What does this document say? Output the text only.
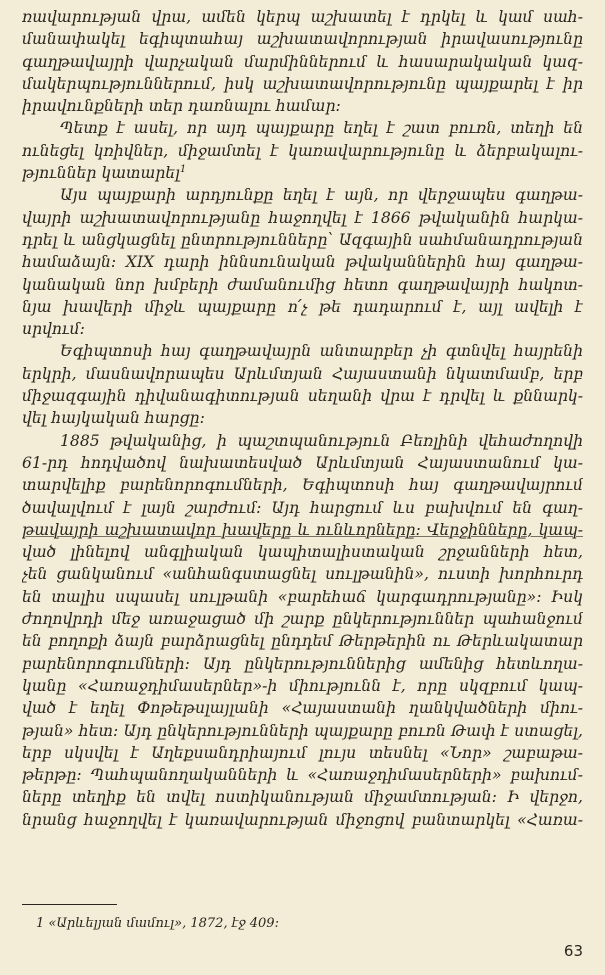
ռավարության վրա, ամեն կերպ աշխատել է դրկել և կամ սահ-
մանափակել եգիպտահայ աշխատավորության իրավասությունը
գաղթավայրի վարչական մարմիններում և հասարակական կազ-
մակերպություններում, իսկ աշխատավորությունը պայքարել է իր
իրավունքների տեր դառնալու համար:
Պետք է ասել, որ այդ պայքարը եղել է շատ բուռն, տեղի են
ունեցել կռիվներ, միջամտել է կառավարությունը և ձերբակալու-
թյուններ կատարել$^1$
Այս պայքարի արդյունքը եղել է այն, որ վերջապես գաղթա-
վայրի աշխատավորությանը հաջողվել է 1866 թվականին հարկա-
դրել և անցկացնել ընտրությունները՝ Ազգային սահմանադրության
համաձայն: XIX դարի իննսունական թվականներին հայ գաղթա-
կանական նոր խմբերի ժամանումից հետո գաղթավայրի հակոտ-
նյա խավերի միջև պայքարը ո՛չ թե դադարում է, այլ ավելի է
սրվում:
Եգիպտոսի հայ գաղթավայրն անտարբեր չի գտնվել հայրենի
երկրի, մասնավորապես Արևմտյան Հայաստանի նկատմամբ, երբ
միջազգային դիվանագիտության սեղանի վրա է դրվել և քննարկ-
վել հայկական հարցը:
1885 թվականից, ի պաշտպանություն Բեռլինի վեհաժողովի
61-րդ հոդվածով նախատեսված Արևմտյան Հայաստանում կա-
տարվելիք բարենորոգումների, Եգիպտոսի հայ գաղթավայրում
ծավալվում է լայն շարժում: Այդ հարցում ևս բախվում են գաղ-
թավայրի աշխատավոր խավերը և ունևորները: Վերջինները, կապ-
ված լինելով անգլիական կապիտալիստական շրջանների հետ,
չեն ցանկանում «անհանգստացնել սուլթանին», ուստի խորհուրդ
են տալիս սպասել սուլթանի «բարեհաճ կարգադրությանը»: Իսկ
ժողովրդի մեջ առաջացած մի շարք ընկերություններ պահանջում
են բողոքի ձայն բարձրացնել ընդդեմ Թերթերին ու Թերևակատար
բարենորոգումների: Այդ ընկերություններից ամենից հետևողա-
կանը «Հառաջդիմասերներ»-ի միությունն է, որը սկզբում կապ-
ված է եղել Փոթեթսլայլանի «Հայաստանի ղանկվածների միու-
թյան» հետ: Այդ ընկերությունների պայքարը բուռն Թափ է ստացել,
երբ սկսվել է Աղեքսանդրիայում լույս տեսնել «Նոր» շաբաթա-
թերթը: Պահպանողականների և «Հառաջդիմասերների» բախում-
ները տեղիք են տվել ոստիկանության միջամտության: Ի վերջո,
նրանց հաջողվել է կառավարության միջոցով բանտարկել «Հառա-
1 «Արևելյան մամուլ», 1872, էջ 409:
63
